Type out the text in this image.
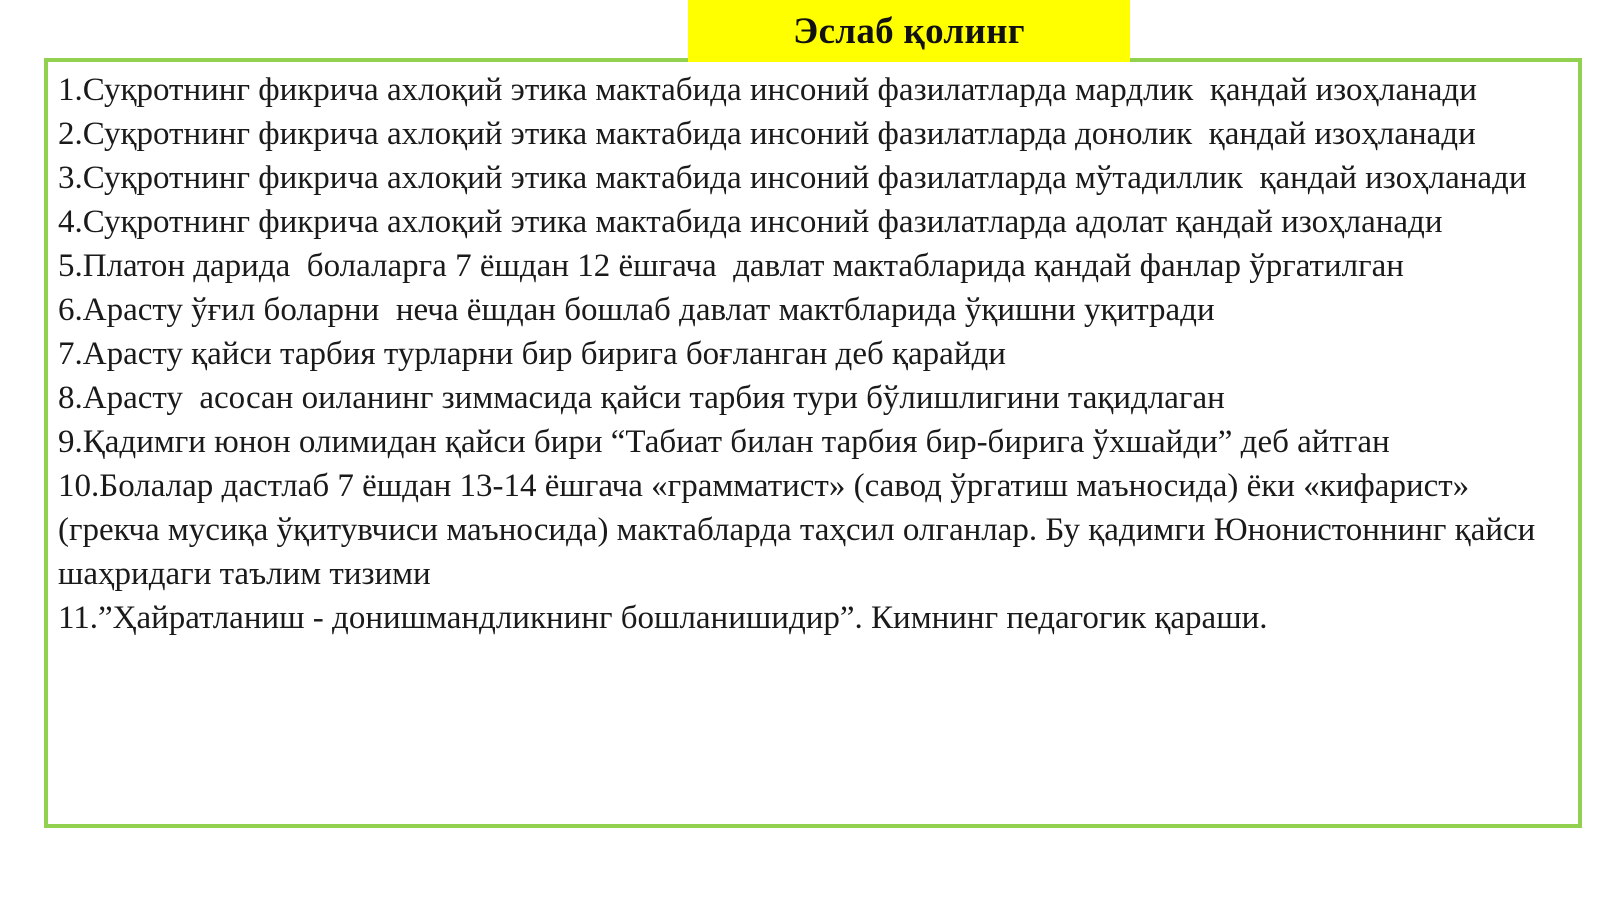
Эслаб қолинг
1.Суқротнинг фикрича ахлоқий этика мактабида инсоний фазилатларда мардлик  қандай изоҳланади
2.Суқротнинг фикрича ахлоқий этика мактабида инсоний фазилатларда донолик  қандай изоҳланади
3.Суқротнинг фикрича ахлоқий этика мактабида инсоний фазилатларда мўтадиллик  қандай изоҳланади
4.Суқротнинг фикрича ахлоқий этика мактабида инсоний фазилатларда адолат қандай изоҳланади
5.Платон дарида  болаларга 7 ёшдан 12 ёшгача  давлат мактабларида қандай фанлар ўргатилган
6.Арасту ўғил боларни  неча ёшдан бошлаб давлат мактбларида ўқишни уқитради
7.Арасту қайси тарбия турларни бир бирига боғланган деб қарайди
8.Арасту  асосан оиланинг зиммасида қайси тарбия тури бўлишлигини тақидлаган
9.Қадимги юнон олимидан қайси бири “Табиат билан тарбия бир-бирига ўхшайди” деб айтган
10.Болалар дастлаб 7 ёшдан 13-14 ёшгача «грамматист» (савод ўргатиш маъносида) ёки «кифарист» (грекча мусиқа ўқитувчиси маъносида) мактабларда таҳсил олганлар. Бу қадимги Юнонистоннинг қайси шаҳридаги таълим тизими
11.”Ҳайратланиш - донишмандликнинг бошланишидир”. Кимнинг педагогик қараши.
